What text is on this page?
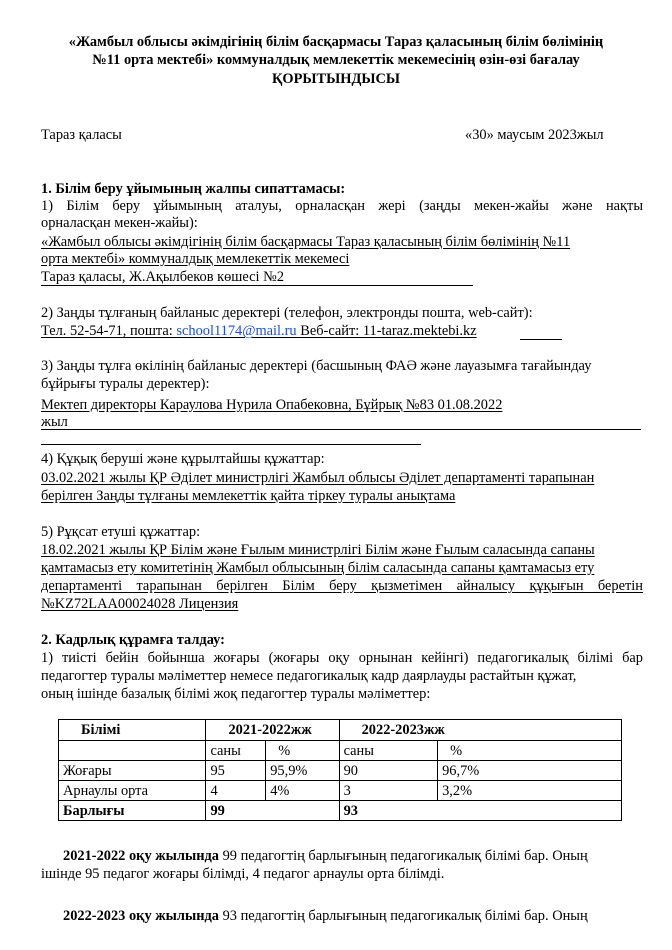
«Жамбыл облысы әкімдігінің білім басқармасы Тараз қаласының білім бөлімінің
№11 орта мектебі» коммуналдық мемлекеттік мекемесінің өзін-өзі бағалау
ҚОРЫТЫНДЫСЫ
Тараз қаласы	«30» маусым 2023жыл
1. Білім беру ұйымының жалпы сипаттамасы:
1) Білім беру ұйымының аталуы, орналасқан жері (заңды мекен-жайы және нақты
орналасқан мекен-жайы):
«Жамбыл облысы әкімдігінің білім басқармасы Тараз қаласының білім бөлімінің №11
орта мектебі» коммуналдық мемлекеттік мекемесі
Тараз қаласы, Ж.Ақылбеков көшесі №2
2) Заңды тұлғаның байланыс деректері (телефон, электронды пошта, web-сайт):
Тел. 52-54-71, пошта: school1174@mail.ru Веб-сайт: 11-taraz.mektebi.kz
3) Заңды тұлға өкілінің байланыс деректері (басшының ФАӘ және лауазымға тағайындау
бұйрығы туралы деректер):
Мектеп директоры Караулова Нурила Опабековна, Бұйрық №83 01.08.2022
жыл
4) Құқық беруші және құрылтайшы құжаттар:
03.02.2021 жылы ҚР Әділет министрлігі Жамбыл облысы Әділет департаменті тарапынан
берілген Заңды тұлғаны мемлекеттік қайта тіркеу туралы анықтама
5) Рұқсат етуші құжаттар:
18.02.2021 жылы ҚР Білім және Ғылым министрлігі Білім және Ғылым саласында сапаны
қамтамасыз ету комитетінің Жамбыл облысының білім саласында сапаны қамтамасыз ету
департаменті тарапынан берілген Білім беру қызметімен айналысу құқығын беретін
№KZ72LAA00024028 Лицензия
2. Кадрлық құрамға талдау:
1) тиісті бейін бойынша жоғары (жоғары оқу орнынан кейінгі) педагогикалық білімі бар
педагогтер туралы мәліметтер немесе педагогикалық кадр даярлауды растайтын құжат,
оның ішінде базалық білімі жоқ педагогтер туралы мәліметтер:
Білімі	2021-2022жж		2022-2023жж	
	саны	%	саны	%
Жоғары	95	95,9%	90	96,7%
Арнаулы орта	4	4%	3	3,2%
Барлығы	99		93	
2021-2022 оқу жылында 99 педагогтің барлығының педагогикалық білімі бар. Оның
ішінде 95 педагог жоғары білімді, 4 педагог арнаулы орта білімді.
2022-2023 оқу жылында 93 педагогтің барлығының педагогикалық білімі бар. Оның
